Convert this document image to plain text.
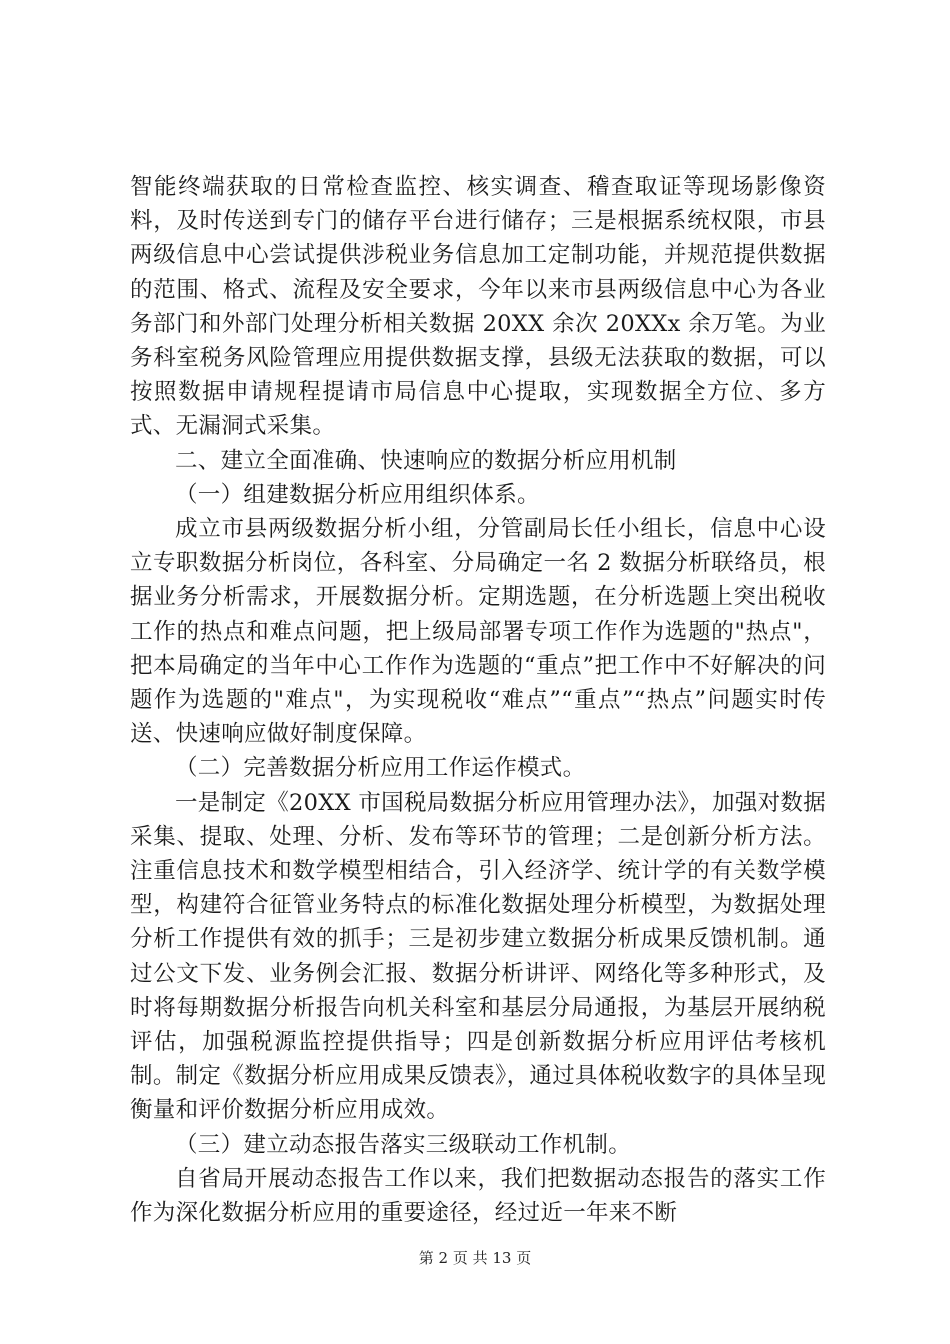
智能终端获取的日常检查监控、核实调查、稽查取证等现场影像资料，及时传送到专门的储存平台进行储存；三是根据系统权限，市县两级信息中心尝试提供涉税业务信息加工定制功能，并规范提供数据的范围、格式、流程及安全要求，今年以来市县两级信息中心为各业务部门和外部门处理分析相关数据 20XX 余次 20XXx 余万笔。为业务科室税务风险管理应用提供数据支撑，县级无法获取的数据，可以按照数据申请规程提请市局信息中心提取，实现数据全方位、多方式、无漏洞式采集。

二、建立全面准确、快速响应的数据分析应用机制

（一）组建数据分析应用组织体系。

成立市县两级数据分析小组，分管副局长任小组长，信息中心设立专职数据分析岗位，各科室、分局确定一名 2 数据分析联络员，根据业务分析需求，开展数据分析。定期选题，在分析选题上突出税收工作的热点和难点问题，把上级局部署专项工作作为选题的"热点"，把本局确定的当年中心工作作为选题的“重点”把工作中不好解决的问题作为选题的"难点"，为实现税收“难点”“重点”“热点”问题实时传送、快速响应做好制度保障。

（二）完善数据分析应用工作运作模式。

一是制定《20XX 市国税局数据分析应用管理办法》，加强对数据采集、提取、处理、分析、发布等环节的管理；二是创新分析方法。注重信息技术和数学模型相结合，引入经济学、统计学的有关数学模型，构建符合征管业务特点的标准化数据处理分析模型，为数据处理分析工作提供有效的抓手；三是初步建立数据分析成果反馈机制。通过公文下发、业务例会汇报、数据分析讲评、网络化等多种形式，及时将每期数据分析报告向机关科室和基层分局通报，为基层开展纳税评估，加强税源监控提供指导；四是创新数据分析应用评估考核机制。制定《数据分析应用成果反馈表》，通过具体税收数字的具体呈现衡量和评价数据分析应用成效。

（三）建立动态报告落实三级联动工作机制。

自省局开展动态报告工作以来，我们把数据动态报告的落实工作作为深化数据分析应用的重要途径，经过近一年来不断

第 2 页 共 13 页
